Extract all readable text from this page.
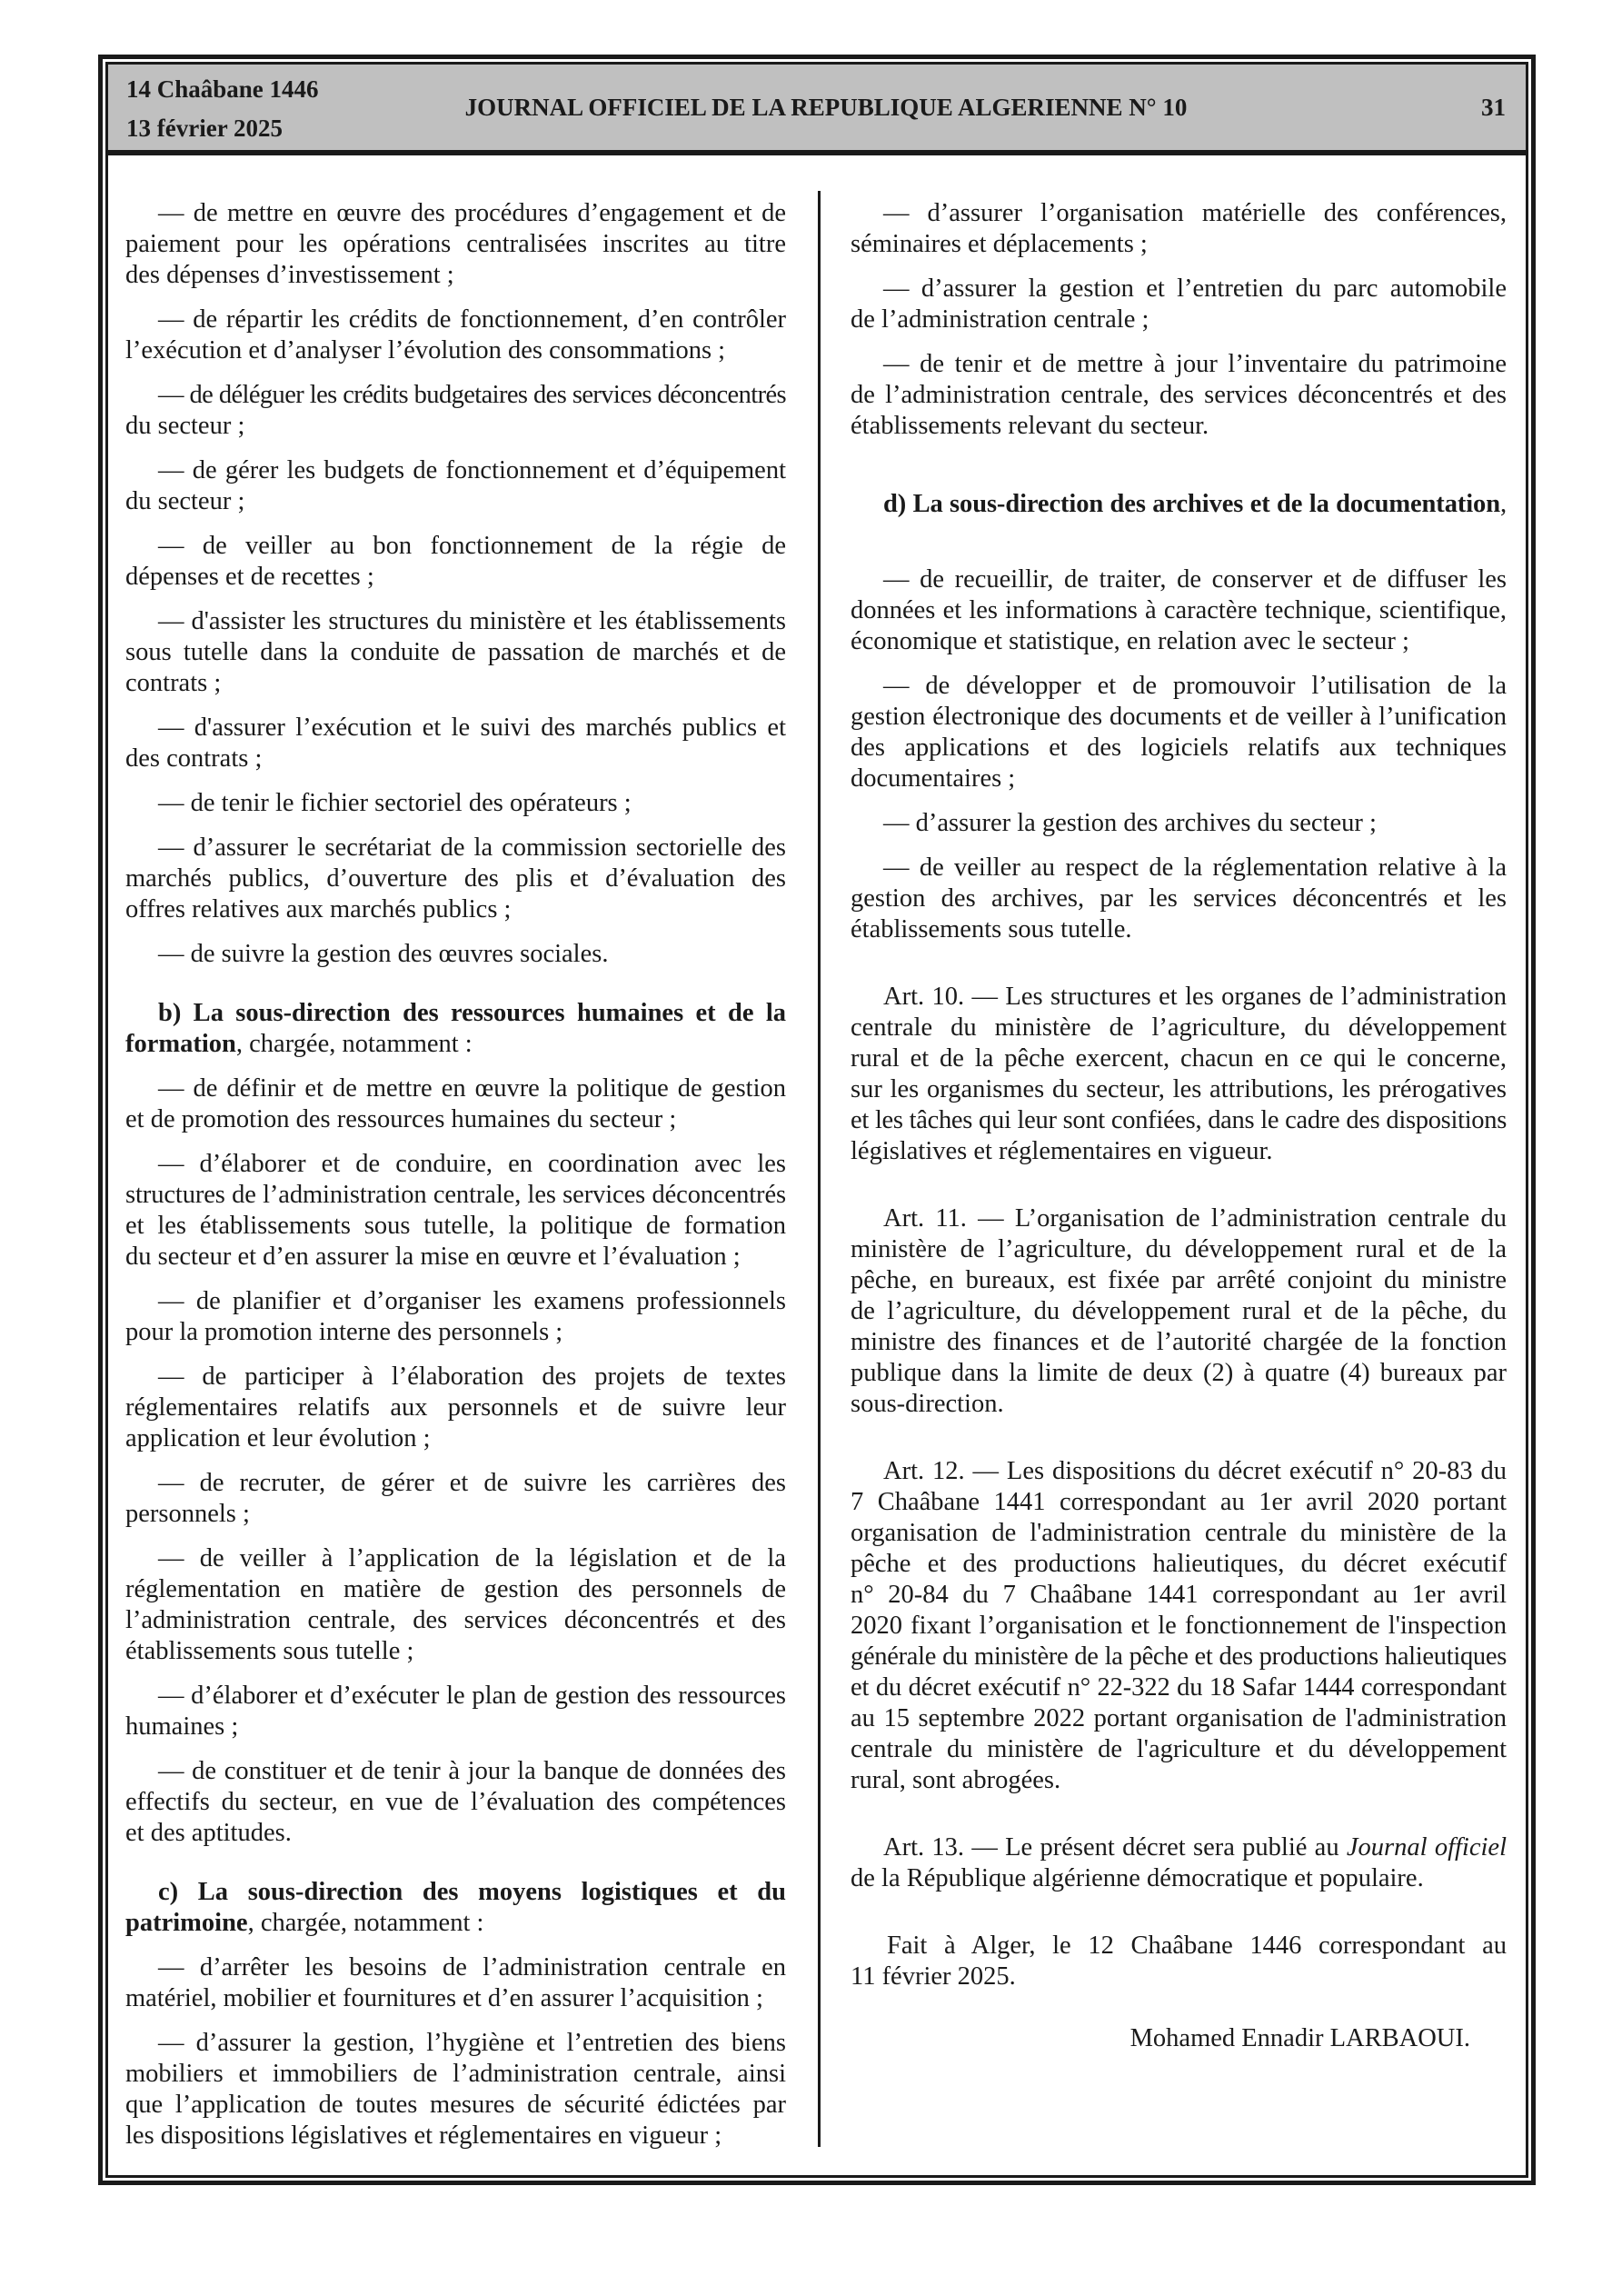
14 Chaâbane 1446
13 février 2025
JOURNAL OFFICIEL DE LA REPUBLIQUE ALGERIENNE N° 10	31
— de mettre en œuvre des procédures d’engagement et de
paiement pour les opérations centralisées inscrites au titre
des dépenses d’investissement ;
— de répartir les crédits de fonctionnement, d’en contrôler
l’exécution et d’analyser l’évolution des consommations ;
— de déléguer les crédits budgetaires des services déconcentrés
du secteur ;
— de gérer les budgets de fonctionnement et d’équipement
du secteur ;
— de veiller au bon fonctionnement de la régie de
dépenses et de recettes ;
— d'assister les structures du ministère et les établissements
sous tutelle dans la conduite de passation de marchés et de
contrats ;
— d'assurer l’exécution et le suivi des marchés publics et
des contrats ;
— de tenir le fichier sectoriel des opérateurs ;
— d’assurer le secrétariat de la commission sectorielle des
marchés publics, d’ouverture des plis et d’évaluation des
offres relatives aux marchés publics ;
— de suivre la gestion des œuvres sociales.
b) La sous-direction des ressources humaines et de la
formation, chargée, notamment :
— de définir et de mettre en œuvre la politique de gestion
et de promotion des ressources humaines du secteur ;
— d’élaborer et de conduire, en coordination avec les
structures de l’administration centrale, les services déconcentrés
et les établissements sous tutelle, la politique de formation
du secteur et d’en assurer la mise en œuvre et l’évaluation ;
— de planifier et d’organiser les examens professionnels
pour la promotion interne des personnels ;
— de participer à l’élaboration des projets de textes
réglementaires relatifs aux personnels et de suivre leur
application et leur évolution ;
— de recruter, de gérer et de suivre les carrières des
personnels ;
— de veiller à l’application de la législation et de la
réglementation en matière de gestion des personnels de
l’administration centrale, des services déconcentrés et des
établissements sous tutelle ;
— d’élaborer et d’exécuter le plan de gestion des ressources
humaines ;
— de constituer et de tenir à jour la banque de données des
effectifs du secteur, en vue de l’évaluation des compétences
et des aptitudes.
c) La sous-direction des moyens logistiques et du
patrimoine, chargée, notamment :
— d’arrêter les besoins de l’administration centrale en
matériel, mobilier et fournitures et d’en assurer l’acquisition ;
— d’assurer la gestion, l’hygiène et l’entretien des biens
mobiliers et immobiliers de l’administration centrale, ainsi
que l’application de toutes mesures de sécurité édictées par
les dispositions législatives et réglementaires en vigueur ;
— d’assurer l’organisation matérielle des conférences,
séminaires et déplacements ;
— d’assurer la gestion et l’entretien du parc automobile
de l’administration centrale ;
— de tenir et de mettre à jour l’inventaire du patrimoine
de l’administration centrale, des services déconcentrés et des
établissements relevant du secteur.
d) La sous-direction des archives et de la documentation,
— de recueillir, de traiter, de conserver et de diffuser les
données et les informations à caractère technique, scientifique,
économique et statistique, en relation avec le secteur ;
— de développer et de promouvoir l’utilisation de la
gestion électronique des documents et de veiller à l’unification
des applications et des logiciels relatifs aux techniques
documentaires ;
— d’assurer la gestion des archives du secteur ;
— de veiller au respect de la réglementation relative à la
gestion des archives, par les services déconcentrés et les
établissements sous tutelle.
Art. 10. — Les structures et les organes de l’administration
centrale du ministère de l’agriculture, du développement
rural et de la pêche exercent, chacun en ce qui le concerne,
sur les organismes du secteur, les attributions, les prérogatives
et les tâches qui leur sont confiées, dans le cadre des dispositions
législatives et réglementaires en vigueur.
Art. 11. — L’organisation de l’administration centrale du
ministère de l’agriculture, du développement rural et de la
pêche, en bureaux, est fixée par arrêté conjoint du ministre
de l’agriculture, du développement rural et de la pêche, du
ministre des finances et de l’autorité chargée de la fonction
publique dans la limite de deux (2) à quatre (4) bureaux par
sous-direction.
Art. 12. — Les dispositions du décret exécutif n° 20-83 du
7 Chaâbane 1441 correspondant au 1er avril 2020 portant
organisation de l'administration centrale du ministère de la
pêche et des productions halieutiques, du décret exécutif
n° 20-84 du 7 Chaâbane 1441 correspondant au 1er avril
2020 fixant l’organisation et le fonctionnement de l'inspection
générale du ministère de la pêche et des productions halieutiques
et du décret exécutif n° 22-322 du 18 Safar 1444 correspondant
au 15 septembre 2022 portant organisation de l'administration
centrale du ministère de l'agriculture et du développement
rural, sont abrogées.
Art. 13. — Le présent décret sera publié au Journal officiel
de la République algérienne démocratique et populaire.
Fait à Alger, le 12 Chaâbane 1446 correspondant au
11 février 2025.
Mohamed Ennadir LARBAOUI.
